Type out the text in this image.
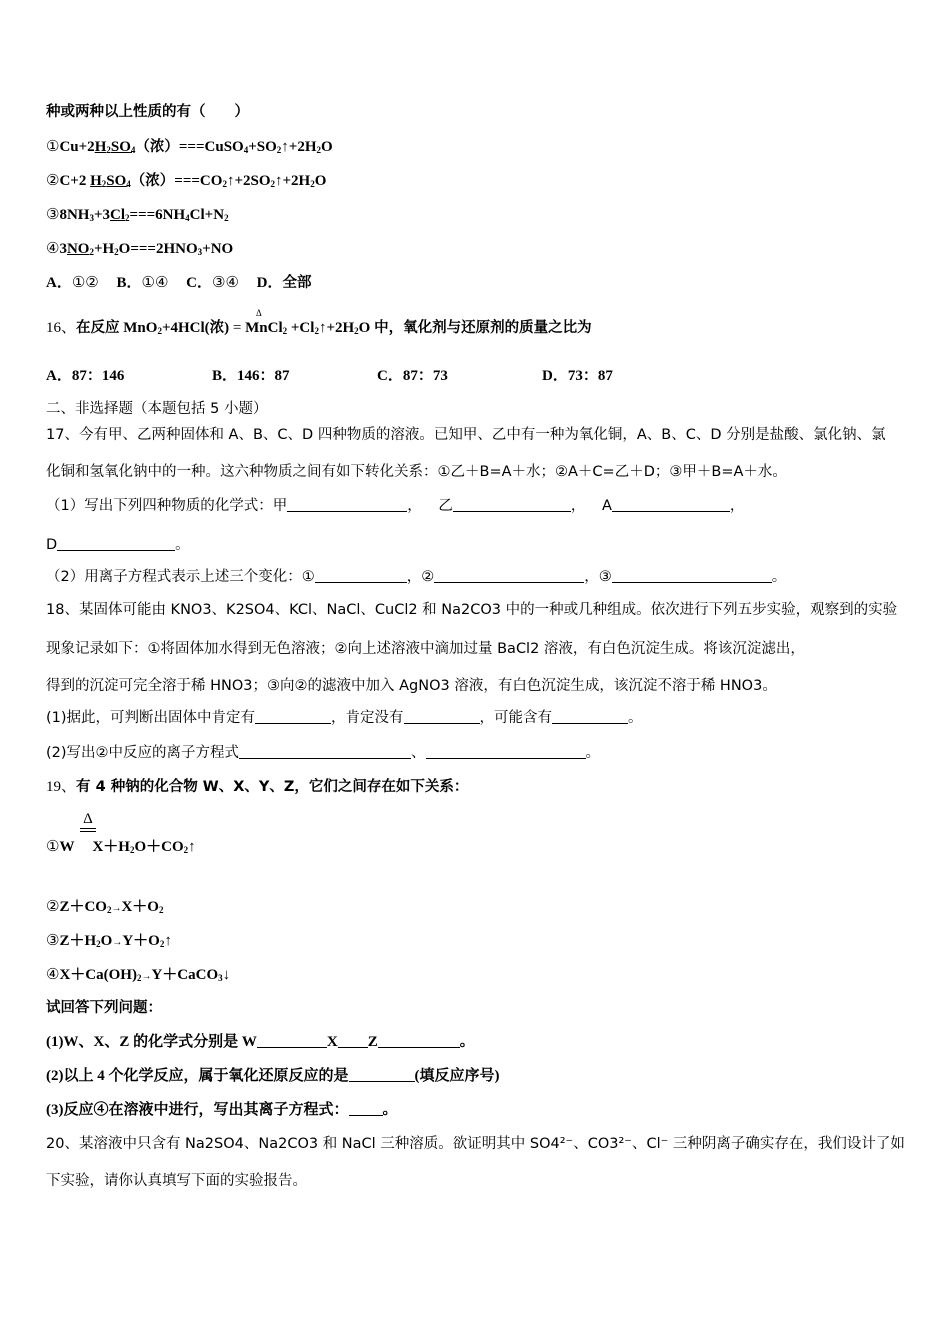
种或两种以上性质的有（　　）
$①Cu+2H_2SO_4$（浓）$===CuSO_4+SO_2↑+2H_2O$
②C+2 $H_2SO_4$（浓）$===CO_2↑+2SO_2↑+2H_2O$
$③8NH_3+3Cl_2===6NH_4Cl+N_2$
$④3NO_2+H_2O===2HNO_3+NO$
A．①② B．①④ C．③④ D．全部
Δ
16、在反应 MnO$_2$+4HCl(浓) = MnCl$_2$ $+Cl_2↑+2H_2O$ 中，氧化剂与还原剂的质量之比为
A．87：146	B．146：87	C．87：73	D．73：87
二、非选择题（本题包括 5 小题）
17、今有甲、乙两种固体和 A、B、C、D 四种物质的溶液。已知甲、乙中有一种为氧化铜，A、B、C、D 分别是盐酸、氯化钠、氯
化铜和氢氧化钠中的一种。这六种物质之间有如下转化关系：①乙＋B=A＋水；②A＋C=乙＋D；③甲＋B=A＋水。
（1）写出下列四种物质的化学式：甲	， 乙	， A	，
D	。
（2）用离子方程式表示上述三个变化：①	，②	，③	。
18、某固体可能由 KNO3、K2SO4、KCl、NaCl、CuCl2 和 Na2CO3 中的一种或几种组成。依次进行下列五步实验，观察到的实验
现象记录如下：①将固体加水得到无色溶液；②向上述溶液中滴加过量 BaCl2 溶液，有白色沉淀生成。将该沉淀滤出，
得到的沉淀可完全溶于稀 HNO3；③向②的滤液中加入 AgNO3 溶液，有白色沉淀生成，该沉淀不溶于稀 HNO3。
(1)据此，可判断出固体中肯定有	，肯定没有	，可能含有	。
(2)写出②中反应的离子方程式	、	。
19、有 4 种钠的化合物 W、X、Y、Z，它们之间存在如下关系：
Δ
①W $X+H_2O+CO_2↑$
$②Z+CO_2\to X+O_2$
$③Z+H_2O\to Y+O_2↑$
$④X+Ca(OH)_2\to Y+CaCO_3↓$
试回答下列问题：
(1)W、X、Z 的化学式分别是 W	X Z	。
(2)以上 4 个化学反应，属于氧化还原反应的是	(填反应序号)
(3)反应④在溶液中进行，写出其离子方程式： 。
20、某溶液中只含有 Na2SO4、Na2CO3 和 NaCl 三种溶质。欲证明其中 SO4²⁻、CO3²⁻、Cl⁻ 三种阴离子确实存在，我们设计了如
下实验，请你认真填写下面的实验报告。
